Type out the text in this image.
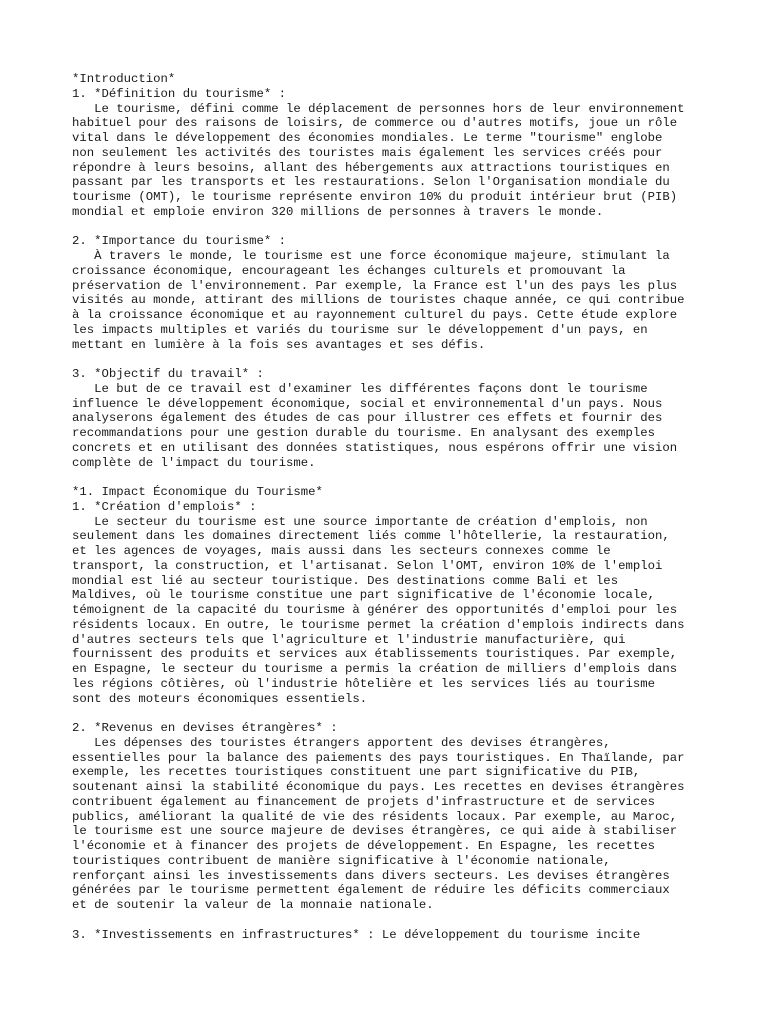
*Introduction*
1. *Définition du tourisme* :
Le tourisme, défini comme le déplacement de personnes hors de leur environnement
habituel pour des raisons de loisirs, de commerce ou d'autres motifs, joue un rôle
vital dans le développement des économies mondiales. Le terme "tourisme" englobe
non seulement les activités des touristes mais également les services créés pour
répondre à leurs besoins, allant des hébergements aux attractions touristiques en
passant par les transports et les restaurations. Selon l'Organisation mondiale du
tourisme (OMT), le tourisme représente environ 10% du produit intérieur brut (PIB)
mondial et emploie environ 320 millions de personnes à travers le monde.
2. *Importance du tourisme* :
À travers le monde, le tourisme est une force économique majeure, stimulant la
croissance économique, encourageant les échanges culturels et promouvant la
préservation de l'environnement. Par exemple, la France est l'un des pays les plus
visités au monde, attirant des millions de touristes chaque année, ce qui contribue
à la croissance économique et au rayonnement culturel du pays. Cette étude explore
les impacts multiples et variés du tourisme sur le développement d'un pays, en
mettant en lumière à la fois ses avantages et ses défis.
3. *Objectif du travail* :
Le but de ce travail est d'examiner les différentes façons dont le tourisme
influence le développement économique, social et environnemental d'un pays. Nous
analyserons également des études de cas pour illustrer ces effets et fournir des
recommandations pour une gestion durable du tourisme. En analysant des exemples
concrets et en utilisant des données statistiques, nous espérons offrir une vision
complète de l'impact du tourisme.
*1. Impact Économique du Tourisme*
1. *Création d'emplois* :
Le secteur du tourisme est une source importante de création d'emplois, non
seulement dans les domaines directement liés comme l'hôtellerie, la restauration,
et les agences de voyages, mais aussi dans les secteurs connexes comme le
transport, la construction, et l'artisanat. Selon l'OMT, environ 10% de l'emploi
mondial est lié au secteur touristique. Des destinations comme Bali et les
Maldives, où le tourisme constitue une part significative de l'économie locale,
témoignent de la capacité du tourisme à générer des opportunités d'emploi pour les
résidents locaux. En outre, le tourisme permet la création d'emplois indirects dans
d'autres secteurs tels que l'agriculture et l'industrie manufacturière, qui
fournissent des produits et services aux établissements touristiques. Par exemple,
en Espagne, le secteur du tourisme a permis la création de milliers d'emplois dans
les régions côtières, où l'industrie hôtelière et les services liés au tourisme
sont des moteurs économiques essentiels.
2. *Revenus en devises étrangères* :
Les dépenses des touristes étrangers apportent des devises étrangères,
essentielles pour la balance des paiements des pays touristiques. En Thaïlande, par
exemple, les recettes touristiques constituent une part significative du PIB,
soutenant ainsi la stabilité économique du pays. Les recettes en devises étrangères
contribuent également au financement de projets d'infrastructure et de services
publics, améliorant la qualité de vie des résidents locaux. Par exemple, au Maroc,
le tourisme est une source majeure de devises étrangères, ce qui aide à stabiliser
l'économie et à financer des projets de développement. En Espagne, les recettes
touristiques contribuent de manière significative à l'économie nationale,
renforçant ainsi les investissements dans divers secteurs. Les devises étrangères
générées par le tourisme permettent également de réduire les déficits commerciaux
et de soutenir la valeur de la monnaie nationale.
3. *Investissements en infrastructures* : Le développement du tourisme incite
